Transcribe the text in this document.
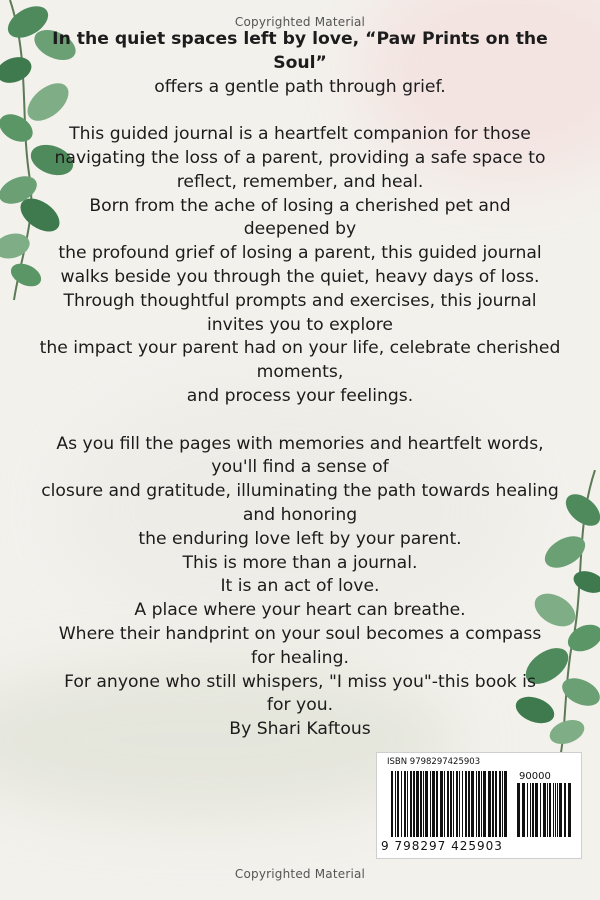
Copyrighted Material

In the quiet spaces left by love, “Paw Prints on the Soul”

offers a gentle path through grief.

This guided journal is a heartfelt companion for those

navigating the loss of a parent, providing a safe space to

reflect, remember, and heal.

Born from the ache of losing a cherished pet and

deepened by

the profound grief of losing a parent, this guided journal

walks beside you through the quiet, heavy days of loss.

Through thoughtful prompts and exercises, this journal

invites you to explore

the impact your parent had on your life, celebrate cherished

moments,

and process your feelings.

As you fill the pages with memories and heartfelt words,

you'll find a sense of

closure and gratitude, illuminating the path towards healing

and honoring

the enduring love left by your parent.

This is more than a journal.

It is an act of love.

A place where your heart can breathe.

Where their handprint on your soul becomes a compass

for healing.

For anyone who still whispers, "I miss you"-this book is

for you.

By Shari Kaftous

ISBN 9798297425903
90000
9 798297 425903
Copyrighted Material
